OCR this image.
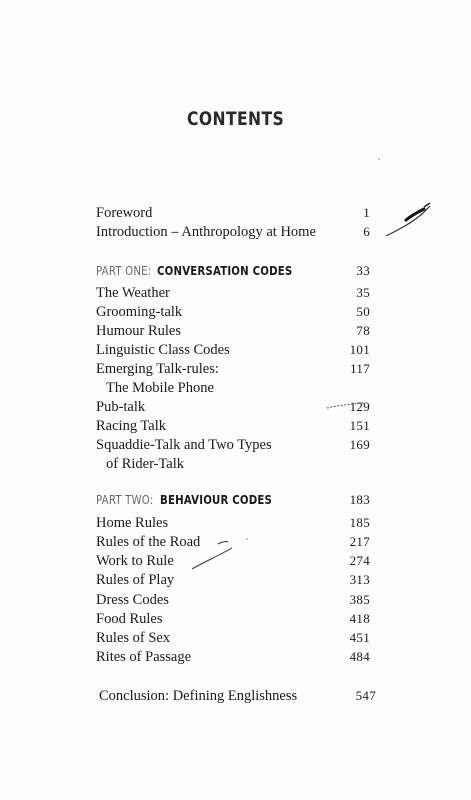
CONTENTS
Foreword	1
Introduction – Anthropology at Home	6
PART ONE: CONVERSATION CODES	33
The Weather	35
Grooming-talk	50
Humour Rules	78
Linguistic Class Codes	101
Emerging Talk-rules:	117
The Mobile Phone
Pub-talk	129
Racing Talk	151
Squaddie-Talk and Two Types	169
of Rider-Talk
PART TWO: BEHAVIOUR CODES	183
Home Rules	185
Rules of the Road	217
Work to Rule	274
Rules of Play	313
Dress Codes	385
Food Rules	418
Rules of Sex	451
Rites of Passage	484
Conclusion: Defining Englishness	547
